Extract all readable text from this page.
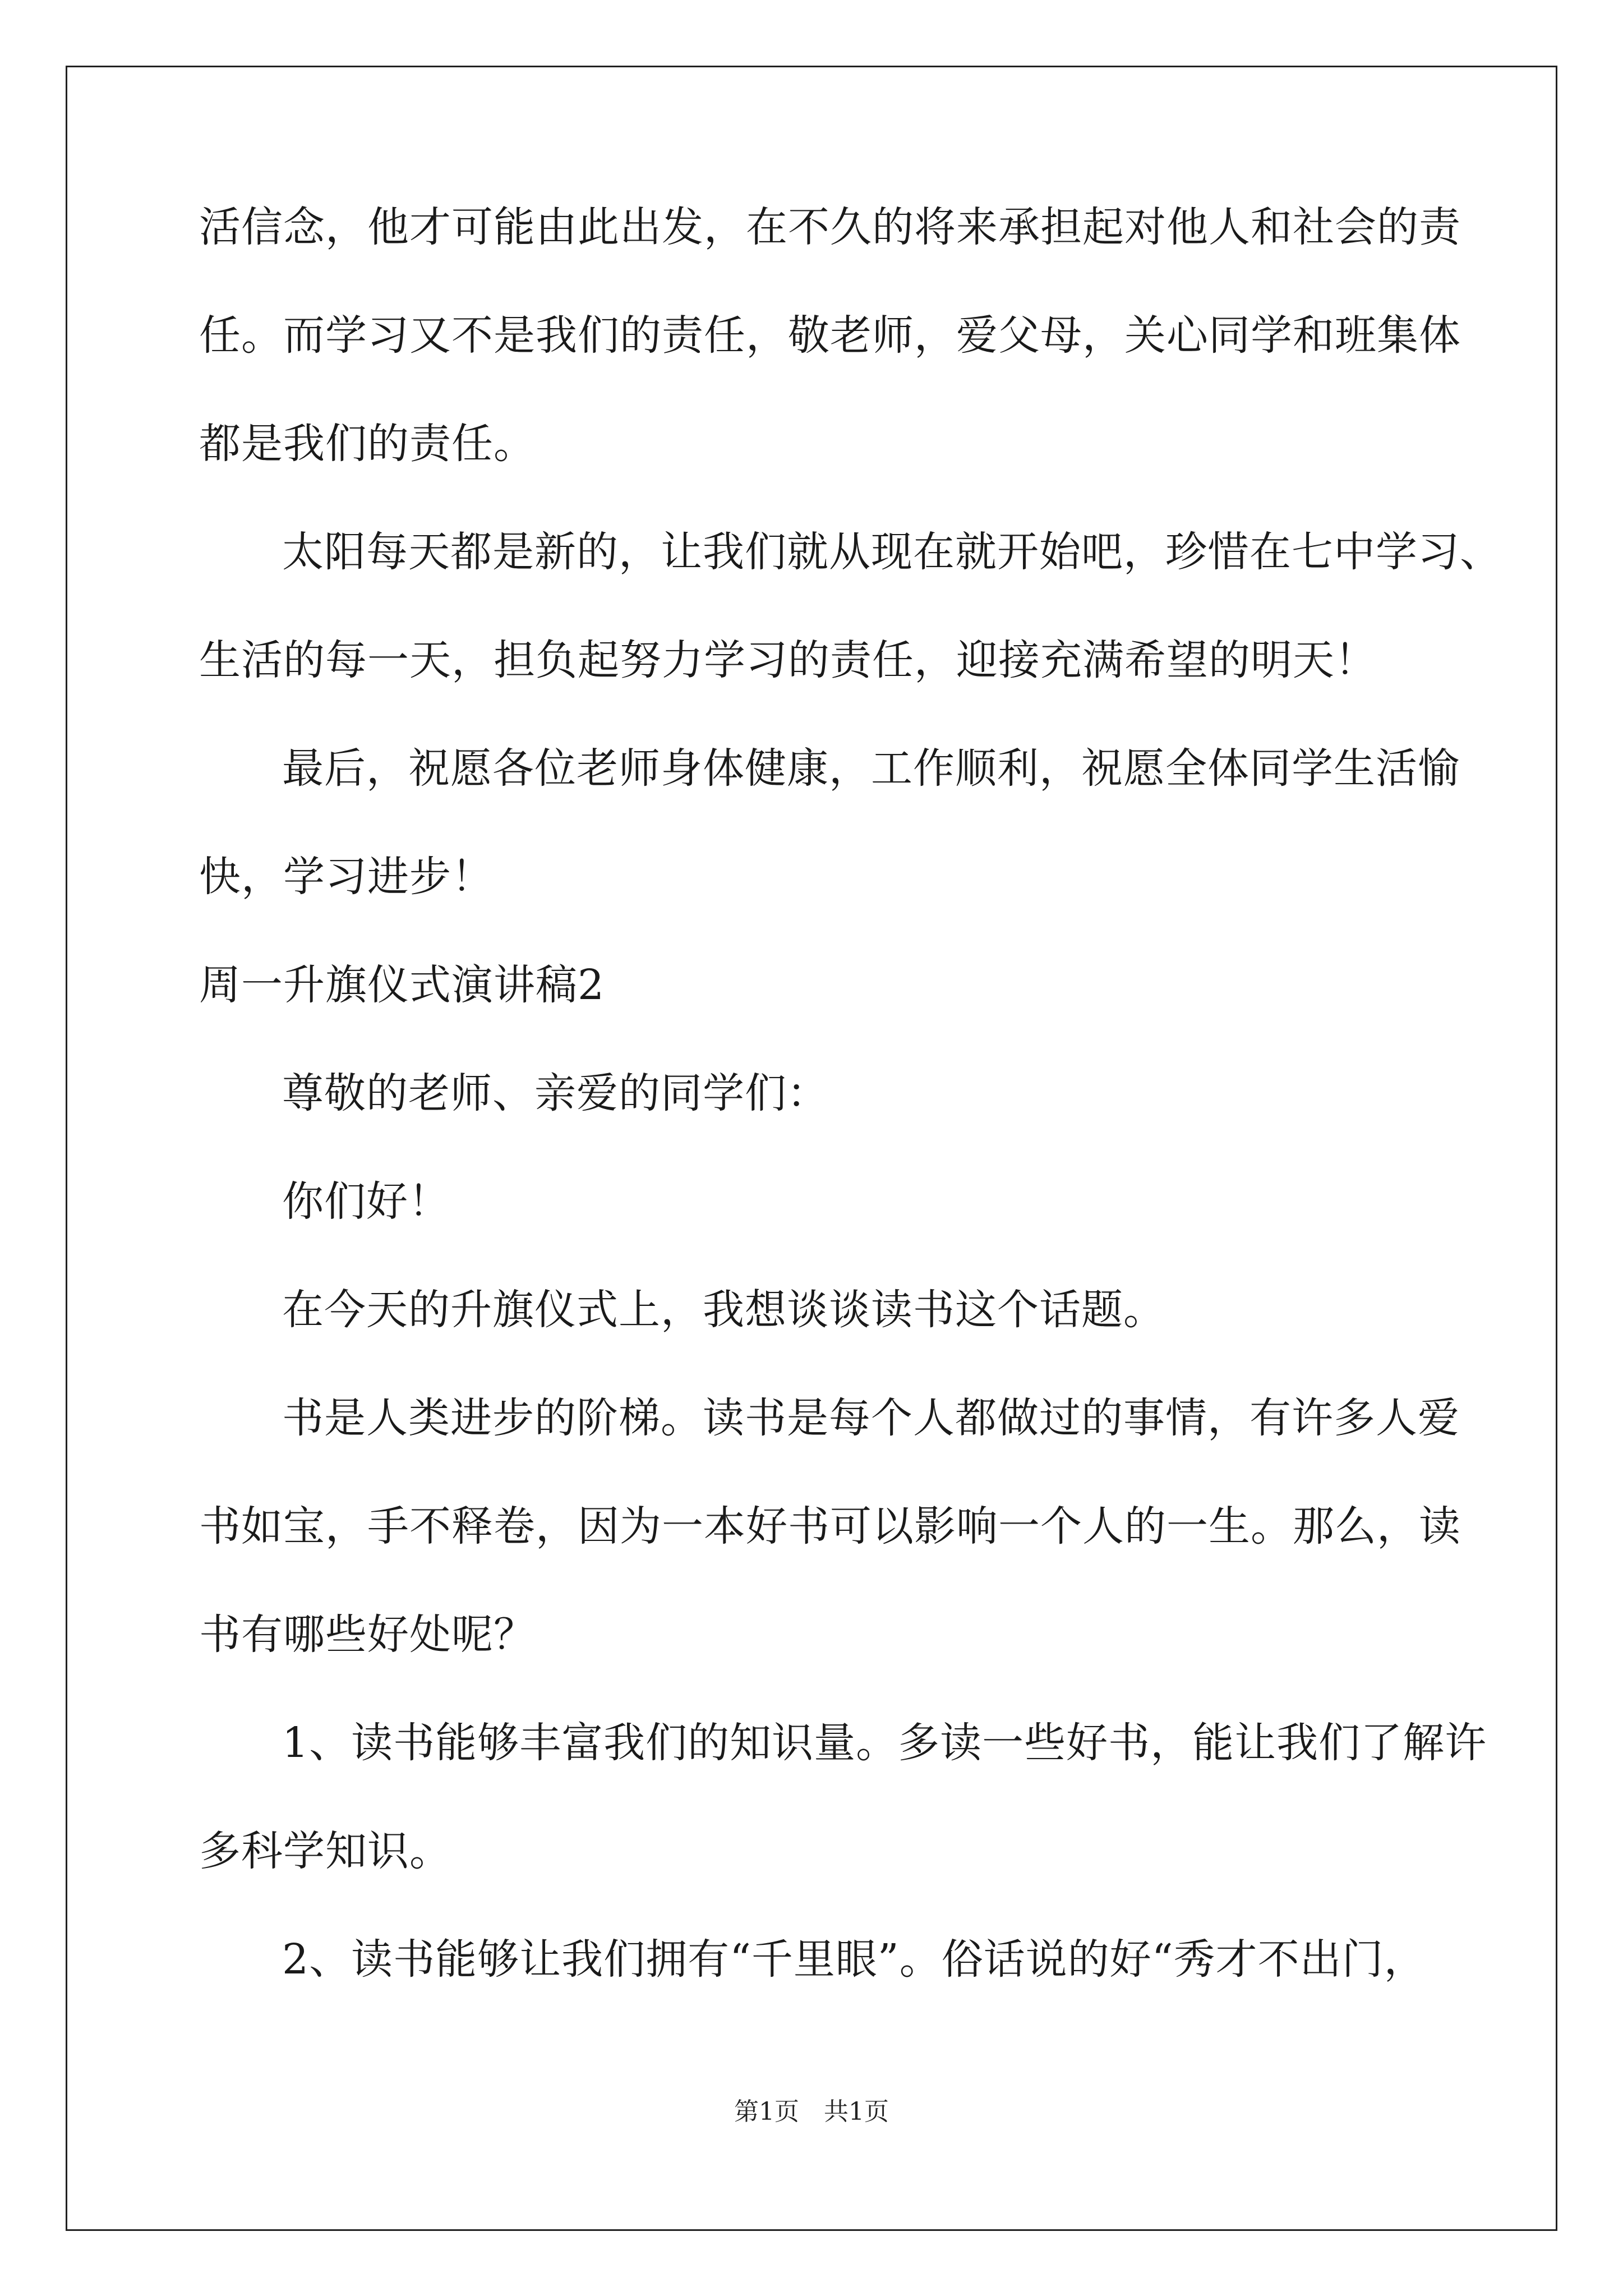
活信念，他才可能由此出发，在不久的将来承担起对他人和社会的责
任。而学习又不是我们的责任，敬老师，爱父母，关心同学和班集体
都是我们的责任。
太阳每天都是新的，让我们就从现在就开始吧，珍惜在七中学习、
生活的每一天，担负起努力学习的责任，迎接充满希望的明天！
最后，祝愿各位老师身体健康，工作顺利，祝愿全体同学生活愉
快，学习进步！
周一升旗仪式演讲稿2
尊敬的老师、亲爱的同学们：
你们好！
在今天的升旗仪式上，我想谈谈读书这个话题。
书是人类进步的阶梯。读书是每个人都做过的事情，有许多人爱
书如宝，手不释卷，因为一本好书可以影响一个人的一生。那么，读
书有哪些好处呢？
1、读书能够丰富我们的知识量。多读一些好书，能让我们了解许
多科学知识。
2、读书能够让我们拥有“千里眼”。俗话说的好“秀才不出门，
第1页　共1页
